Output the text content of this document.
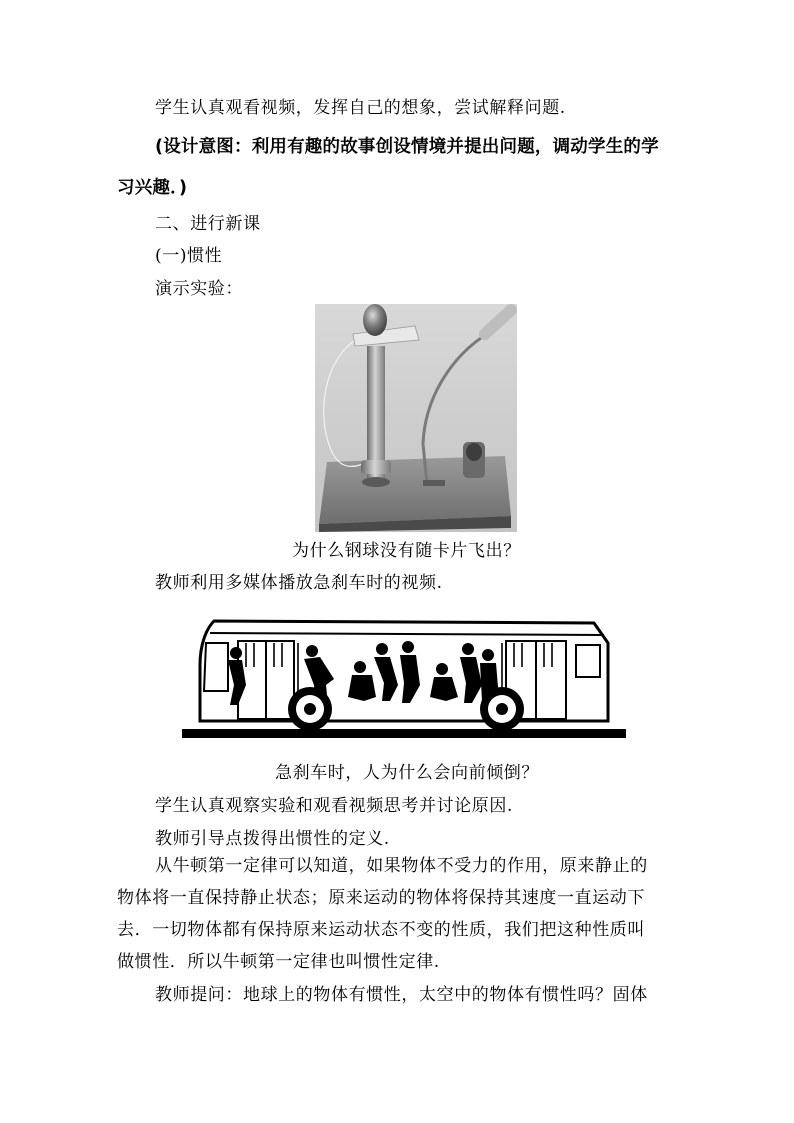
学生认真观看视频，发挥自己的想象，尝试解释问题.
(设计意图：利用有趣的故事创设情境并提出问题，调动学生的学
习兴趣．)
二、进行新课
(一)惯性
演示实验：
为什么钢球没有随卡片飞出？
教师利用多媒体播放急刹车时的视频.
急刹车时，人为什么会向前倾倒？
学生认真观察实验和观看视频思考并讨论原因.
教师引导点拨得出惯性的定义.
从牛顿第一定律可以知道，如果物体不受力的作用，原来静止的
物体将一直保持静止状态；原来运动的物体将保持其速度一直运动下
去．一切物体都有保持原来运动状态不变的性质，我们把这种性质叫
做惯性．所以牛顿第一定律也叫惯性定律.
教师提问：地球上的物体有惯性，太空中的物体有惯性吗？固体
